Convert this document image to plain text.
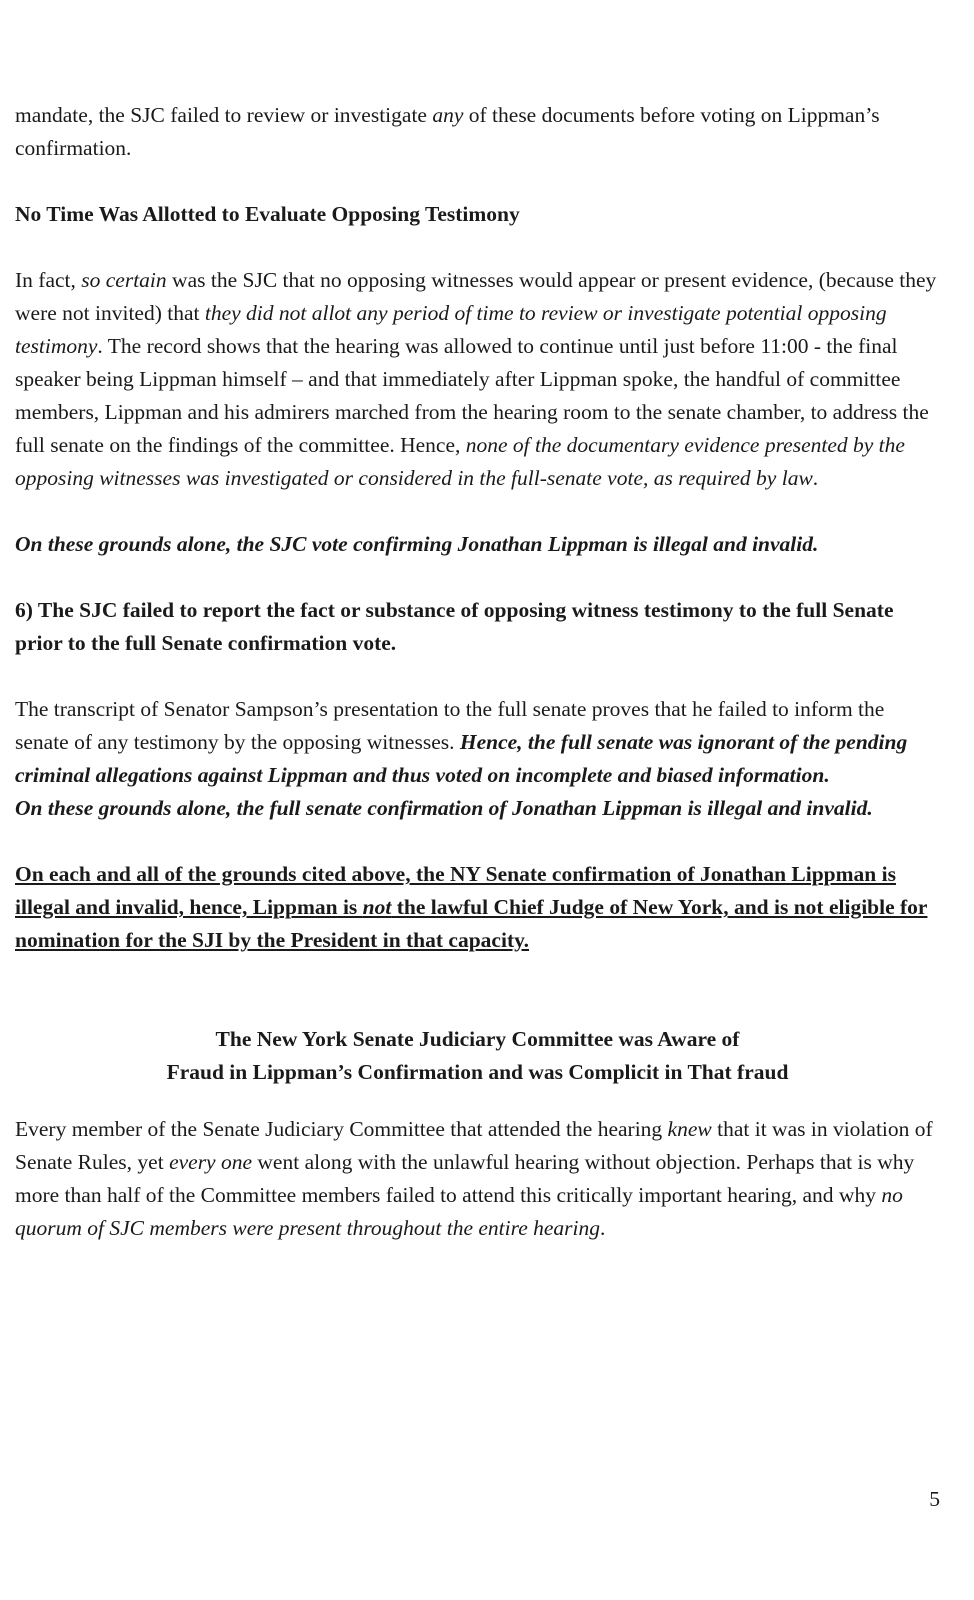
mandate, the SJC failed to review or investigate any of these documents before voting on Lippman’s confirmation.

No Time Was Allotted to Evaluate Opposing Testimony

In fact, so certain was the SJC that no opposing witnesses would appear or present evidence, (because they were not invited) that they did not allot any period of time to review or investigate potential opposing testimony. The record shows that the hearing was allowed to continue until just before 11:00 - the final speaker being Lippman himself – and that immediately after Lippman spoke, the handful of committee members, Lippman and his admirers marched from the hearing room to the senate chamber, to address the full senate on the findings of the committee. Hence, none of the documentary evidence presented by the opposing witnesses was investigated or considered in the full-senate vote, as required by law.

On these grounds alone, the SJC vote confirming Jonathan Lippman is illegal and invalid.

6) The SJC failed to report the fact or substance of opposing witness testimony to the full Senate prior to the full Senate confirmation vote.

The transcript of Senator Sampson’s presentation to the full senate proves that he failed to inform the senate of any testimony by the opposing witnesses. Hence, the full senate was ignorant of the pending criminal allegations against Lippman and thus voted on incomplete and biased information.

On these grounds alone, the full senate confirmation of Jonathan Lippman is illegal and invalid.

On each and all of the grounds cited above, the NY Senate confirmation of Jonathan Lippman is illegal and invalid, hence, Lippman is not the lawful Chief Judge of New York, and is not eligible for nomination for the SJI by the President in that capacity.

The New York Senate Judiciary Committee was Aware of
Fraud in Lippman’s Confirmation and was Complicit in That fraud

Every member of the Senate Judiciary Committee that attended the hearing knew that it was in violation of Senate Rules, yet every one went along with the unlawful hearing without objection. Perhaps that is why more than half of the Committee members failed to attend this critically important hearing, and why no quorum of SJC members were present throughout the entire hearing.

5
